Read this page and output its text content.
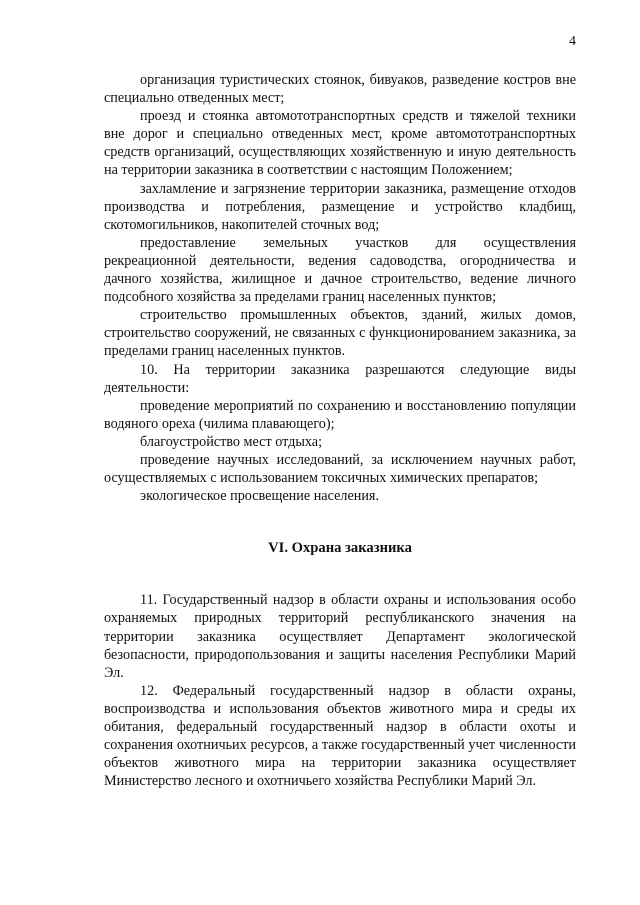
4

организация туристических стоянок, бивуаков, разведение костров вне специально отведенных мест;

проезд и стоянка автомототранспортных средств и тяжелой техники вне дорог и специально отведенных мест, кроме автомототранспортных средств организаций, осуществляющих хозяйственную и иную деятельность на территории заказника в соответствии с настоящим Положением;

захламление и загрязнение территории заказника, размещение отходов производства и потребления, размещение и устройство кладбищ, скотомогильников, накопителей сточных вод;

предоставление земельных участков для осуществления рекреационной деятельности, ведения садоводства, огородничества и дачного хозяйства, жилищное и дачное строительство, ведение личного подсобного хозяйства за пределами границ населенных пунктов;

строительство промышленных объектов, зданий, жилых домов, строительство сооружений, не связанных с функционированием заказника, за пределами границ населенных пунктов.

10. На территории заказника разрешаются следующие виды деятельности:

проведение мероприятий по сохранению и восстановлению популяции водяного ореха (чилима плавающего);

благоустройство мест отдыха;

проведение научных исследований, за исключением научных работ, осуществляемых с использованием токсичных химических препаратов;

экологическое просвещение населения.

VI. Охрана заказника

11. Государственный надзор в области охраны и использования особо охраняемых природных территорий республиканского значения на территории заказника осуществляет Департамент экологической безопасности, природопользования и защиты населения Республики Марий Эл.

12. Федеральный государственный надзор в области охраны, воспроизводства и использования объектов животного мира и среды их обитания, федеральный государственный надзор в области охоты и сохранения охотничьих ресурсов, а также государственный учет численности объектов животного мира на территории заказника осуществляет Министерство лесного и охотничьего хозяйства Республики Марий Эл.
